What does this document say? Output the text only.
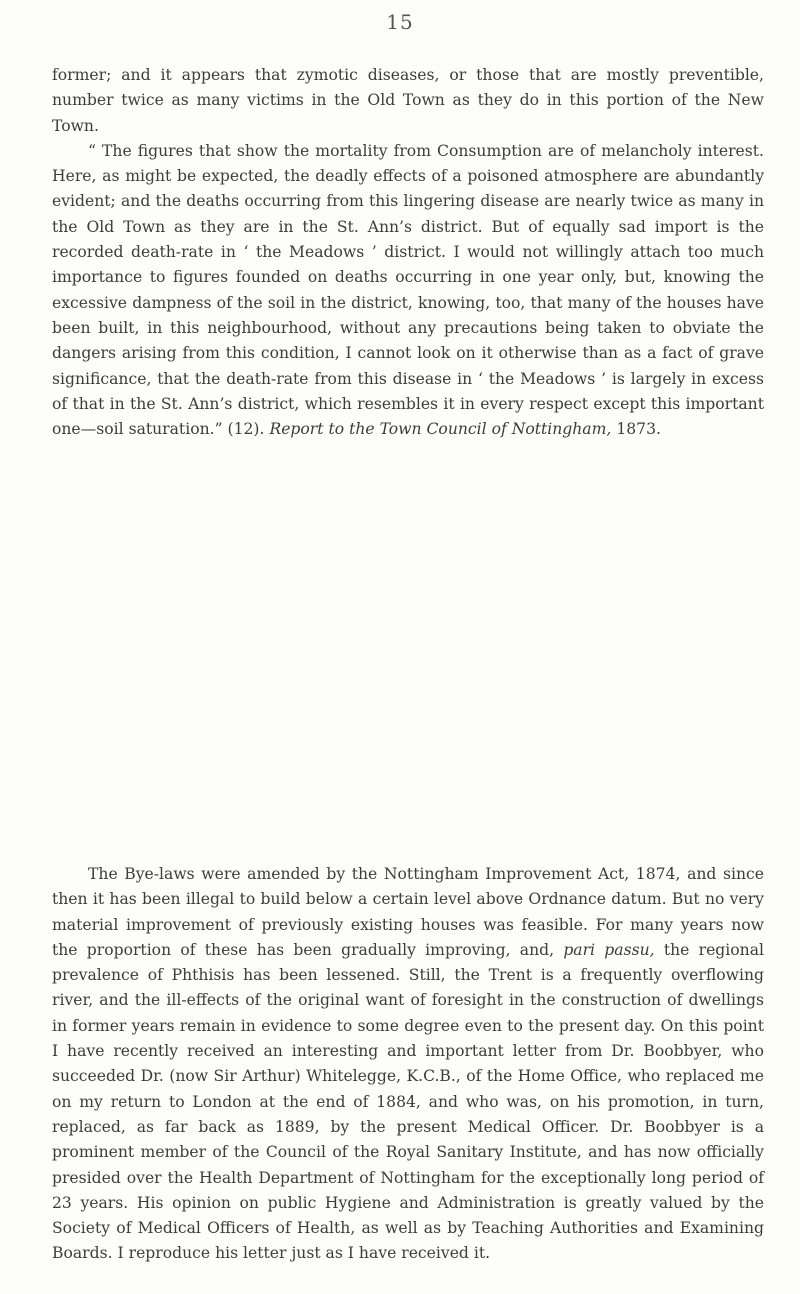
15

former; and it appears that zymotic diseases, or those that are mostly preventible, number twice as many victims in the Old Town as they do in this portion of the New Town.

“ The figures that show the mortality from Consumption are of melancholy interest. Here, as might be expected, the deadly effects of a poisoned atmosphere are abundantly evident; and the deaths occurring from this lingering disease are nearly twice as many in the Old Town as they are in the St. Ann’s district. But of equally sad import is the recorded death-rate in ‘ the Meadows ’ district. I would not willingly attach too much importance to figures founded on deaths occurring in one year only, but, knowing the excessive dampness of the soil in the district, knowing, too, that many of the houses have been built, in this neighbourhood, without any precautions being taken to obviate the dangers arising from this condition, I cannot look on it otherwise than as a fact of grave significance, that the death-rate from this disease in ‘ the Meadows ’ is largely in excess of that in the St. Ann’s district, which resembles it in every respect except this important one—soil saturation.” (12). Report to the Town Council of Nottingham, 1873.

The Bye-laws were amended by the Nottingham Improvement Act, 1874, and since then it has been illegal to build below a certain level above Ordnance datum. But no very material improvement of previously existing houses was feasible. For many years now the proportion of these has been gradually improving, and, pari passu, the regional prevalence of Phthisis has been lessened. Still, the Trent is a frequently overflowing river, and the ill-effects of the original want of foresight in the construction of dwellings in former years remain in evidence to some degree even to the present day. On this point I have recently received an interesting and important letter from Dr. Boobbyer, who succeeded Dr. (now Sir Arthur) Whitelegge, K.C.B., of the Home Office, who replaced me on my return to London at the end of 1884, and who was, on his promotion, in turn, replaced, as far back as 1889, by the present Medical Officer. Dr. Boobbyer is a prominent member of the Council of the Royal Sanitary Institute, and has now officially presided over the Health Department of Nottingham for the exceptionally long period of 23 years. His opinion on public Hygiene and Administration is greatly valued by the Society of Medical Officers of Health, as well as by Teaching Authorities and Examining Boards. I reproduce his letter just as I have received it.
